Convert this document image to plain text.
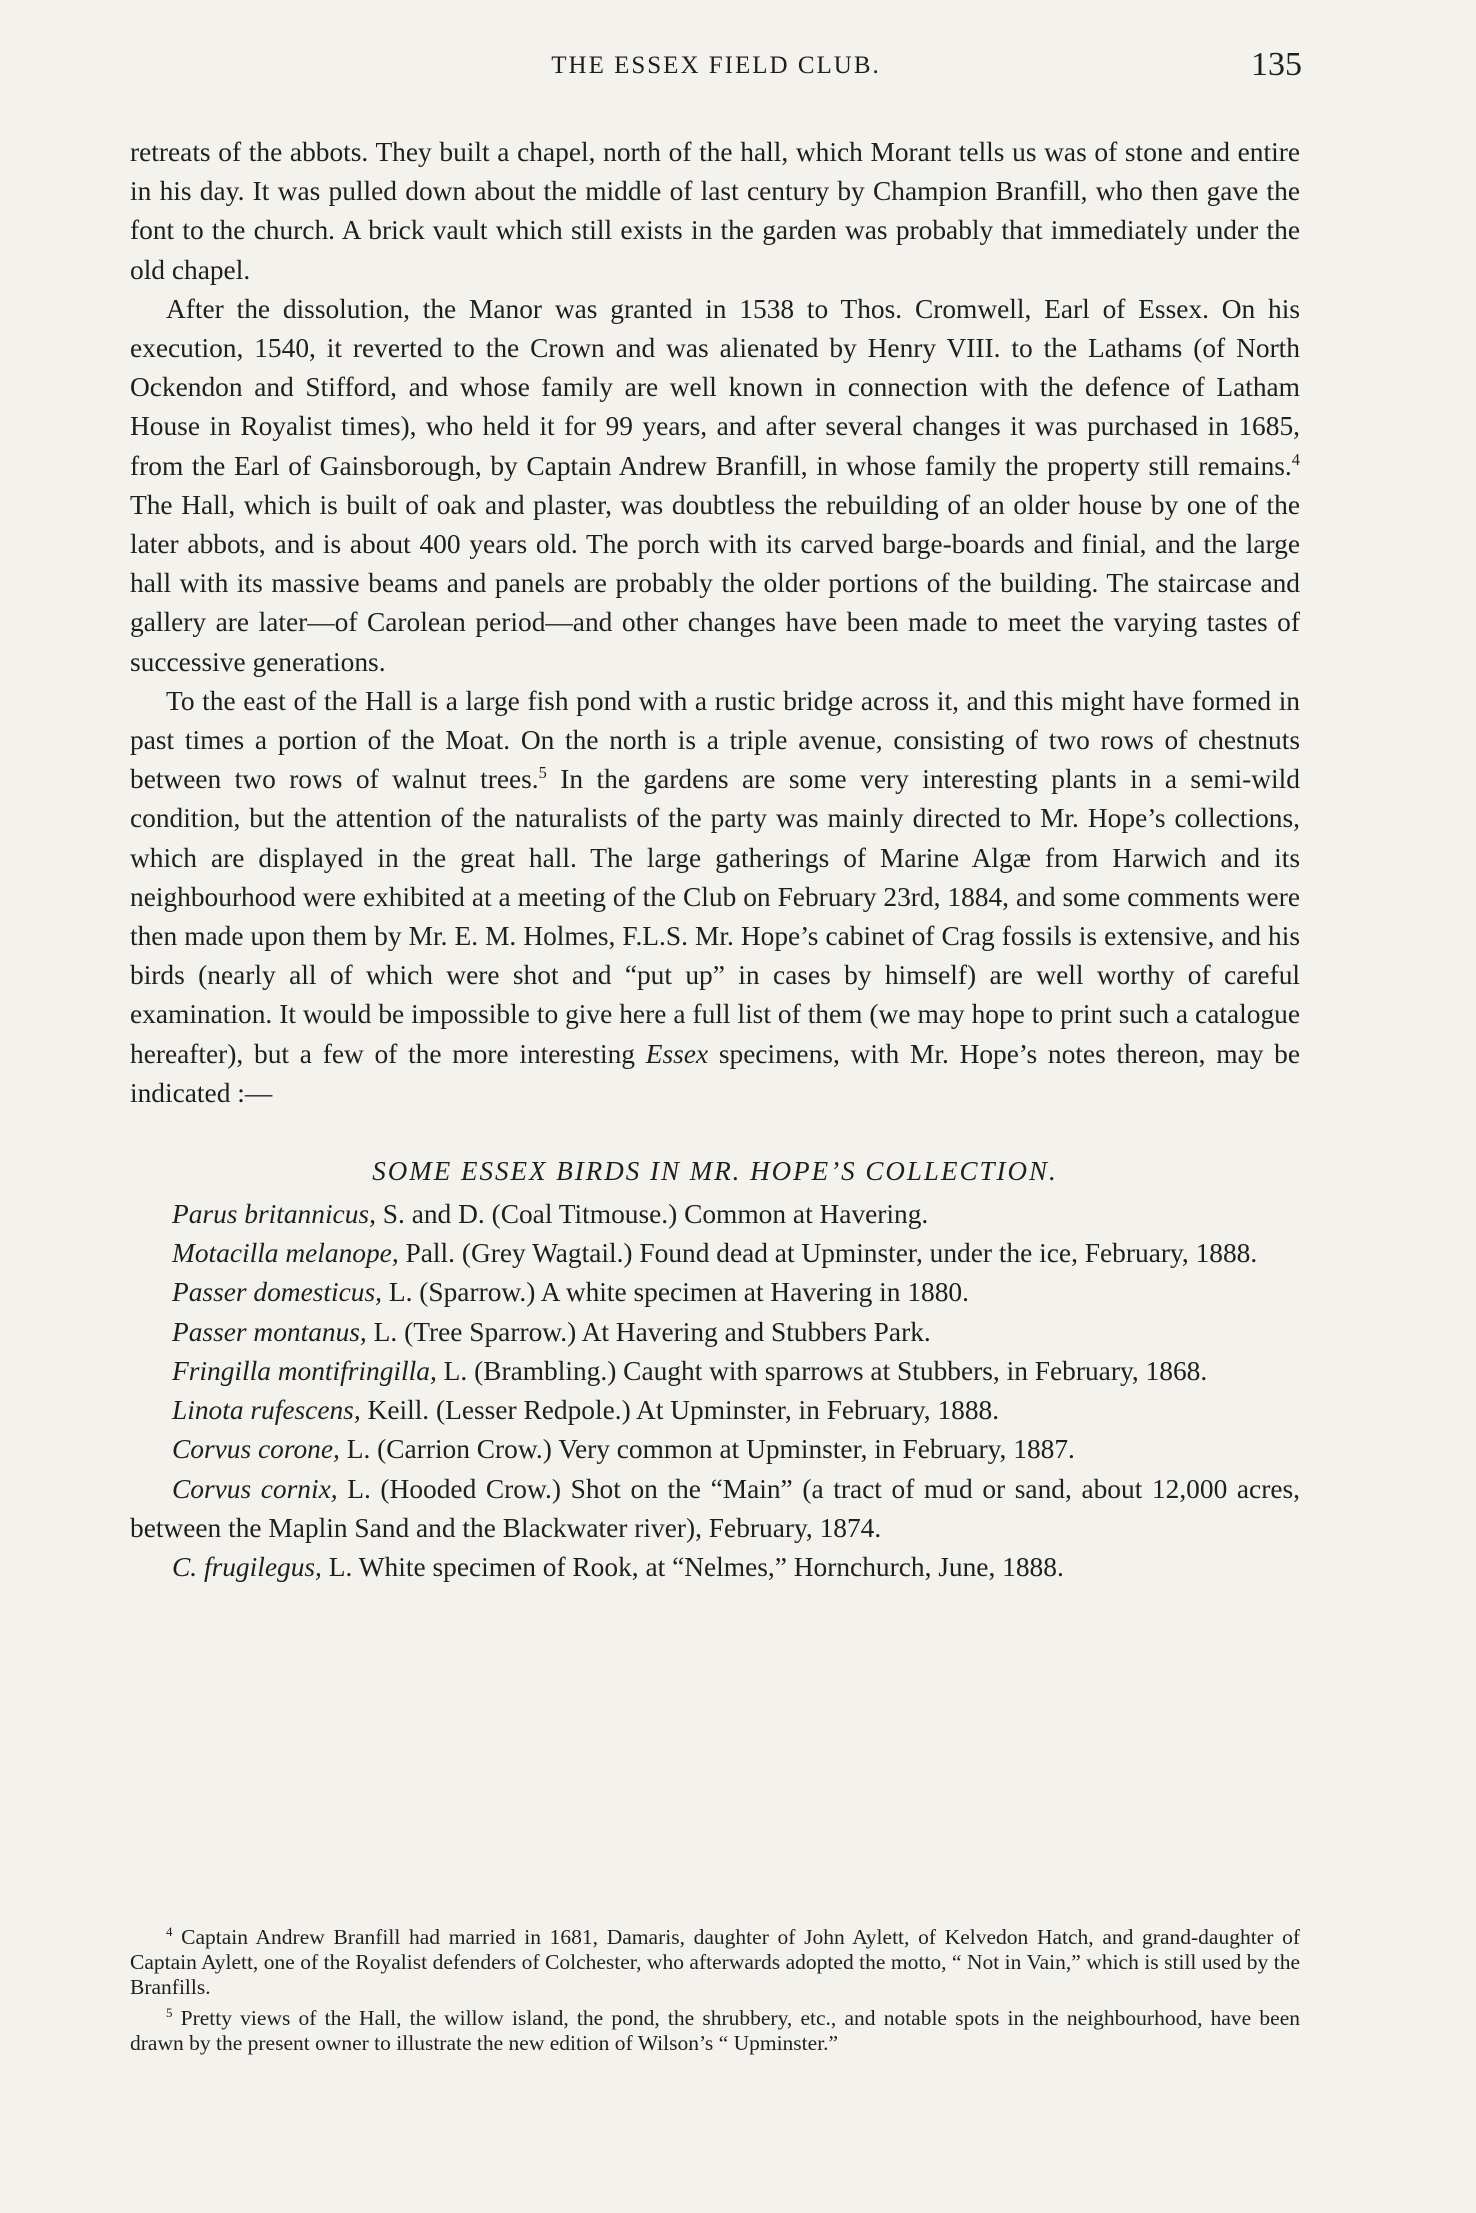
THE ESSEX FIELD CLUB.	135

retreats of the abbots. They built a chapel, north of the hall, which Morant tells us was of stone and entire in his day. It was pulled down about the middle of last century by Champion Branfill, who then gave the font to the church. A brick vault which still exists in the garden was probably that immediately under the old chapel.

After the dissolution, the Manor was granted in 1538 to Thos. Cromwell, Earl of Essex. On his execution, 1540, it reverted to the Crown and was alienated by Henry VIII. to the Lathams (of North Ockendon and Stifford, and whose family are well known in connection with the defence of Latham House in Royalist times), who held it for 99 years, and after several changes it was purchased in 1685, from the Earl of Gainsborough, by Captain Andrew Branfill, in whose family the property still remains.$^4$ The Hall, which is built of oak and plaster, was doubtless the rebuilding of an older house by one of the later abbots, and is about 400 years old. The porch with its carved barge-boards and finial, and the large hall with its massive beams and panels are probably the older portions of the building. The staircase and gallery are later—of Carolean period—and other changes have been made to meet the varying tastes of successive generations.

To the east of the Hall is a large fish pond with a rustic bridge across it, and this might have formed in past times a portion of the Moat. On the north is a triple avenue, consisting of two rows of chestnuts between two rows of walnut trees.$^5$ In the gardens are some very interesting plants in a semi-wild condition, but the attention of the naturalists of the party was mainly directed to Mr. Hope’s collections, which are displayed in the great hall. The large gatherings of Marine Algæ from Harwich and its neighbourhood were exhibited at a meeting of the Club on February 23rd, 1884, and some comments were then made upon them by Mr. E. M. Holmes, F.L.S. Mr. Hope’s cabinet of Crag fossils is extensive, and his birds (nearly all of which were shot and “put up” in cases by himself) are well worthy of careful examination. It would be impossible to give here a full list of them (we may hope to print such a catalogue hereafter), but a few of the more interesting Essex specimens, with Mr. Hope’s notes thereon, may be indicated :—

SOME ESSEX BIRDS IN MR. HOPE’S COLLECTION.

Parus britannicus, S. and D. (Coal Titmouse.) Common at Havering.

Motacilla melanope, Pall. (Grey Wagtail.) Found dead at Upminster, under the ice, February, 1888.

Passer domesticus, L. (Sparrow.) A white specimen at Havering in 1880.

Passer montanus, L. (Tree Sparrow.) At Havering and Stubbers Park.

Fringilla montifringilla, L. (Brambling.) Caught with sparrows at Stubbers, in February, 1868.

Linota rufescens, Keill. (Lesser Redpole.) At Upminster, in February, 1888.

Corvus corone, L. (Carrion Crow.) Very common at Upminster, in February, 1887.

Corvus cornix, L. (Hooded Crow.) Shot on the “Main” (a tract of mud or sand, about 12,000 acres, between the Maplin Sand and the Blackwater river), February, 1874.

C. frugilegus, L. White specimen of Rook, at “Nelmes,” Hornchurch, June, 1888.

$^4$ Captain Andrew Branfill had married in 1681, Damaris, daughter of John Aylett, of Kelvedon Hatch, and grand-daughter of Captain Aylett, one of the Royalist defenders of Colchester, who afterwards adopted the motto, “ Not in Vain,” which is still used by the Branfills.

$^5$ Pretty views of the Hall, the willow island, the pond, the shrubbery, etc., and notable spots in the neighbourhood, have been drawn by the present owner to illustrate the new edition of Wilson’s “ Upminster.”
